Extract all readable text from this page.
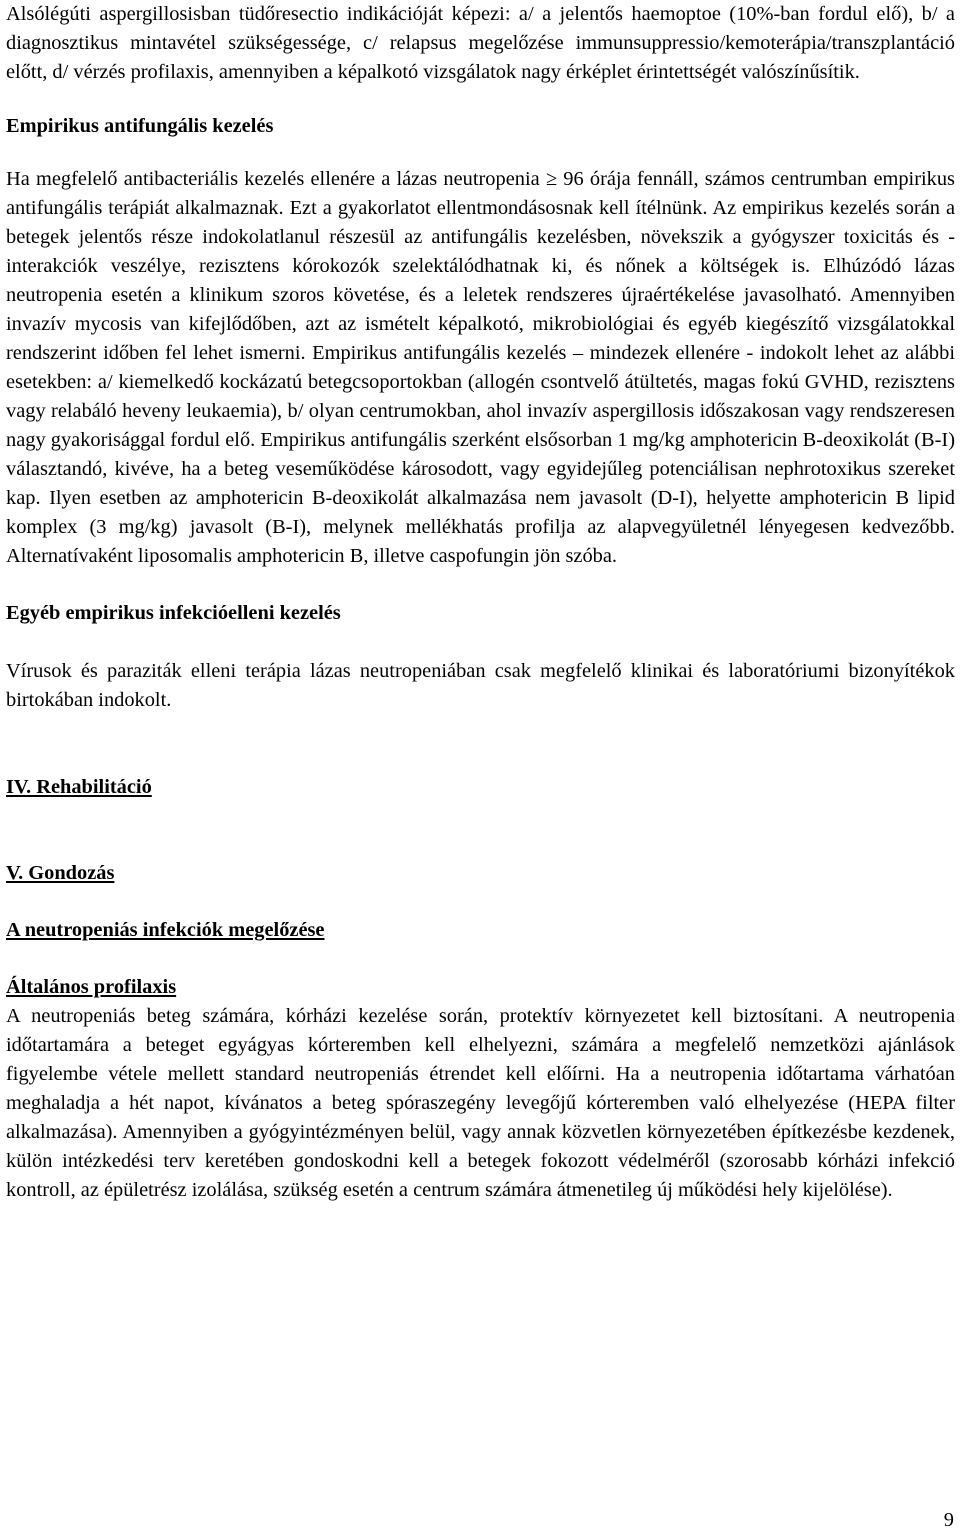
Alsólégúti aspergillosisban tüdőresectio indikációját képezi: a/ a jelentős haemoptoe (10%-ban fordul elő), b/ a diagnosztikus mintavétel szükségessége, c/ relapsus megelőzése immunsuppressio/kemoterápia/transzplantáció előtt, d/ vérzés profilaxis, amennyiben a képalkotó vizsgálatok nagy érképlet érintettségét valószínűsítik.

Empirikus antifungális kezelés

Ha megfelelő antibacteriális kezelés ellenére a lázas neutropenia ≥ 96 órája fennáll, számos centrumban empirikus antifungális terápiát alkalmaznak. Ezt a gyakorlatot ellentmondásosnak kell ítélnünk. Az empirikus kezelés során a betegek jelentős része indokolatlanul részesül az antifungális kezelésben, növekszik a gyógyszer toxicitás és -interakciók veszélye, rezisztens kórokozók szelektálódhatnak ki, és nőnek a költségek is. Elhúzódó lázas neutropenia esetén a klinikum szoros követése, és a leletek rendszeres újraértékelése javasolható. Amennyiben invazív mycosis van kifejlődőben, azt az ismételt képalkotó, mikrobiológiai és egyéb kiegészítő vizsgálatokkal rendszerint időben fel lehet ismerni. Empirikus antifungális kezelés – mindezek ellenére - indokolt lehet az alábbi esetekben: a/ kiemelkedő kockázatú betegcsoportokban (allogén csontvelő átültetés, magas fokú GVHD, rezisztens vagy relabáló heveny leukaemia), b/ olyan centrumokban, ahol invazív aspergillosis időszakosan vagy rendszeresen nagy gyakorisággal fordul elő. Empirikus antifungális szerként elsősorban 1 mg/kg amphotericin B-deoxikolát (B-I) választandó, kivéve, ha a beteg veseműködése károsodott, vagy egyidejűleg potenciálisan nephrotoxikus szereket kap. Ilyen esetben az amphotericin B-deoxikolát alkalmazása nem javasolt (D-I), helyette amphotericin B lipid komplex (3 mg/kg) javasolt (B-I), melynek mellékhatás profilja az alapvegyületnél lényegesen kedvezőbb. Alternatívaként liposomalis amphotericin B, illetve caspofungin jön szóba.

Egyéb empirikus infekcióelleni kezelés

Vírusok és paraziták elleni terápia lázas neutropeniában csak megfelelő klinikai és laboratóriumi bizonyítékok birtokában indokolt.

IV. Rehabilitáció
V. Gondozás
A neutropeniás infekciók megelőzése
Általános profilaxis

A neutropeniás beteg számára, kórházi kezelése során, protektív környezetet kell biztosítani. A neutropenia időtartamára a beteget egyágyas kórteremben kell elhelyezni, számára a megfelelő nemzetközi ajánlások figyelembe vétele mellett standard neutropeniás étrendet kell előírni. Ha a neutropenia időtartama várhatóan meghaladja a hét napot, kívánatos a beteg spóraszegény levegőjű kórteremben való elhelyezése (HEPA filter alkalmazása). Amennyiben a gyógyintézményen belül, vagy annak közvetlen környezetében építkezésbe kezdenek, külön intézkedési terv keretében gondoskodni kell a betegek fokozott védelméről (szorosabb kórházi infekció kontroll, az épületrész izolálása, szükség esetén a centrum számára átmenetileg új működési hely kijelölése).

9
